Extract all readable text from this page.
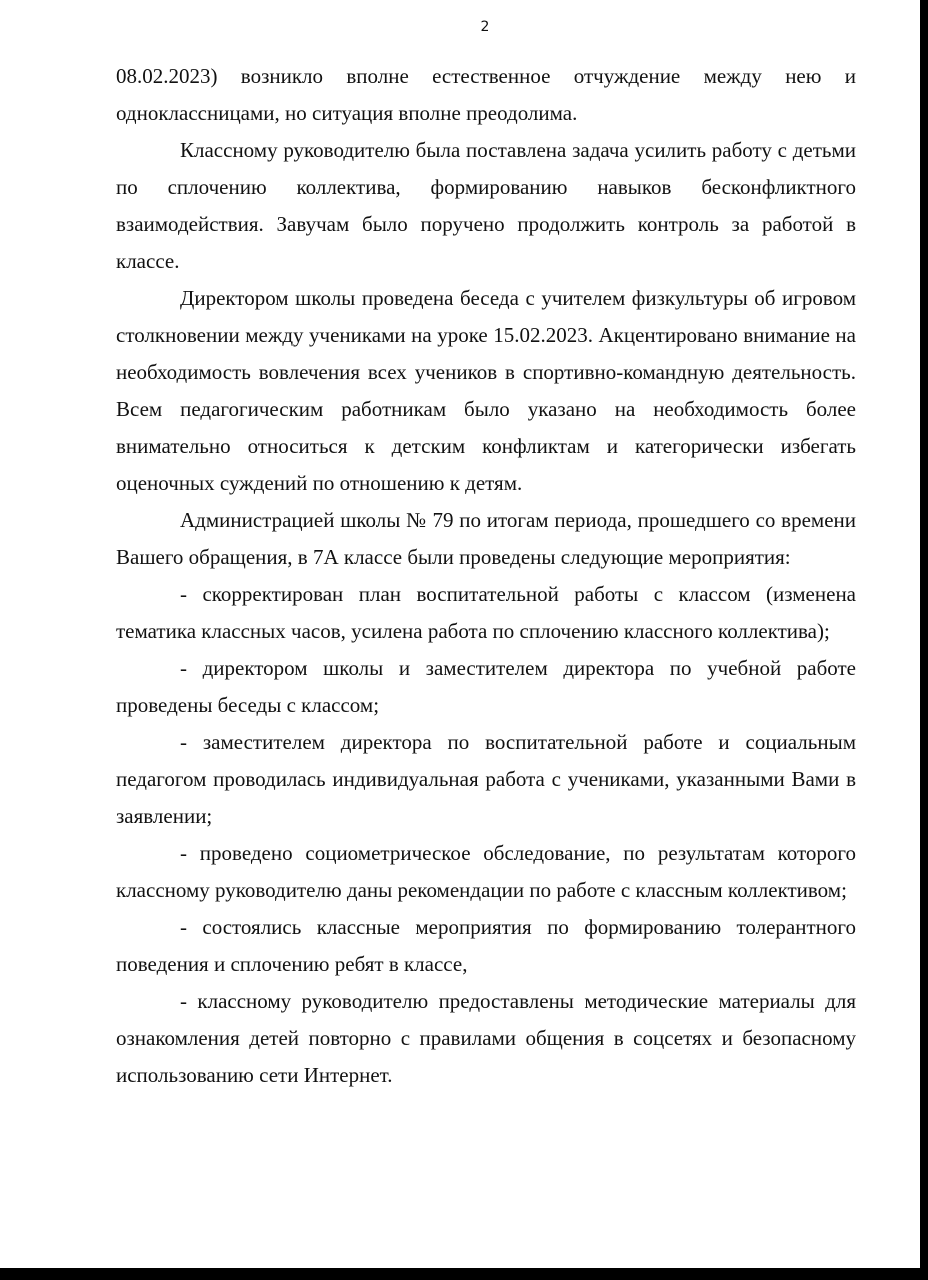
2

08.02.2023) возникло вполне естественное отчуждение между нею и одноклассницами, но ситуация вполне преодолима.

Классному руководителю была поставлена задача усилить работу с детьми по сплочению коллектива, формированию навыков бесконфликтного взаимодействия. Завучам было поручено продолжить контроль за работой в классе.

Директором школы проведена беседа с учителем физкультуры об игровом столкновении между учениками на уроке 15.02.2023. Акцентировано внимание на необходимость вовлечения всех учеников в спортивно-командную деятельность. Всем педагогическим работникам было указано на необходимость более внимательно относиться к детским конфликтам и категорически избегать оценочных суждений по отношению к детям.

Администрацией школы № 79 по итогам периода, прошедшего со времени Вашего обращения, в 7А классе были проведены следующие мероприятия:

- скорректирован план воспитательной работы с классом (изменена тематика классных часов, усилена работа по сплочению классного коллектива);

- директором школы и заместителем директора по учебной работе проведены беседы с классом;

- заместителем директора по воспитательной работе и социальным педагогом проводилась индивидуальная работа с учениками, указанными Вами в заявлении;

- проведено социометрическое обследование, по результатам которого классному руководителю даны рекомендации по работе с классным коллективом;

- состоялись классные мероприятия по формированию толерантного поведения и сплочению ребят в классе,

- классному руководителю предоставлены методические материалы для ознакомления детей повторно с правилами общения в соцсетях и безопасному использованию сети Интернет.
